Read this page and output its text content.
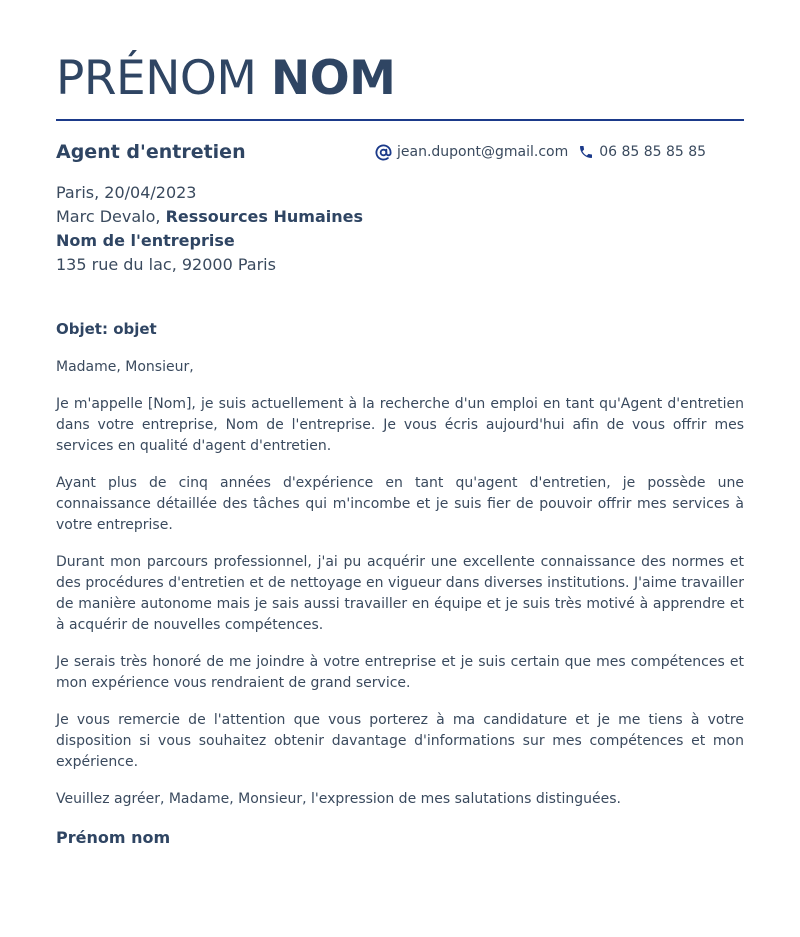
PRÉNOM NOM
Agent d'entretien	jean.dupont@gmail.com 06 85 85 85 85
Paris, 20/04/2023
Marc Devalo, Ressources Humaines
Nom de l'entreprise
135 rue du lac, 92000 Paris
Objet: objet

Madame, Monsieur,

Je m'appelle [Nom], je suis actuellement à la recherche d'un emploi en tant qu'Agent d'entretien dans votre entreprise, Nom de l'entreprise. Je vous écris aujourd'hui afin de vous offrir mes services en qualité d'agent d'entretien.

Ayant plus de cinq années d'expérience en tant qu'agent d'entretien, je possède une connaissance détaillée des tâches qui m'incombe et je suis fier de pouvoir offrir mes services à votre entreprise.

Durant mon parcours professionnel, j'ai pu acquérir une excellente connaissance des normes et des procédures d'entretien et de nettoyage en vigueur dans diverses institutions. J'aime travailler de manière autonome mais je sais aussi travailler en équipe et je suis très motivé à apprendre et à acquérir de nouvelles compétences.

Je serais très honoré de me joindre à votre entreprise et je suis certain que mes compétences et mon expérience vous rendraient de grand service.

Je vous remercie de l'attention que vous porterez à ma candidature et je me tiens à votre disposition si vous souhaitez obtenir davantage d'informations sur mes compétences et mon expérience.

Veuillez agréer, Madame, Monsieur, l'expression de mes salutations distinguées.

Prénom nom
